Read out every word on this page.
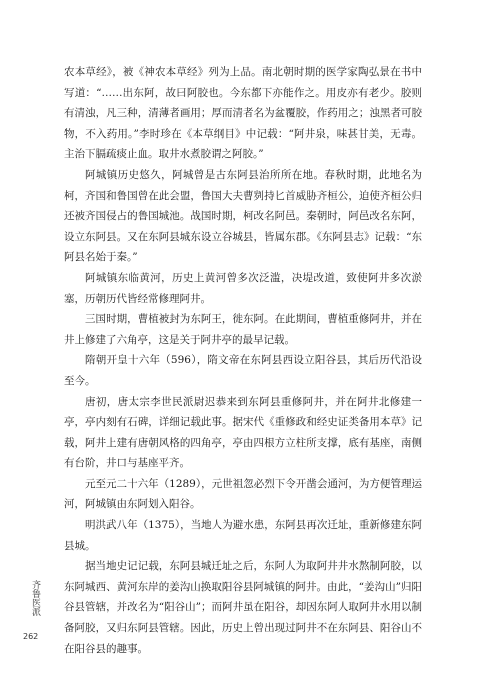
农本草经》，被《神农本草经》列为上品。南北朝时期的医学家陶弘景在书中写道：“……出东阿，故曰阿胶也。今东都下亦能作之。用皮亦有老少。胶则有清浊，凡三种，清薄者画用；厚而清者名为盆覆胶，作药用之；浊黑者可胶物，不入药用。”李时珍在《本草纲目》中记载：“阿井泉，味甚甘美，无毒。主治下膈疏痰止血。取井水煮胶谓之阿胶。”

阿城镇历史悠久，阿城曾是古东阿县治所所在地。春秋时期，此地名为柯，齐国和鲁国曾在此会盟，鲁国大夫曹刿持匕首威胁齐桓公，迫使齐桓公归还被齐国侵占的鲁国城池。战国时期，柯改名阿邑。秦朝时，阿邑改名东阿，设立东阿县。又在东阿县城东设立谷城县，皆属东郡。《东阿县志》记载：“东阿县名始于秦。”

阿城镇东临黄河，历史上黄河曾多次泛滥，决堤改道，致使阿井多次淤塞，历朝历代皆经常修理阿井。

三国时期，曹植被封为东阿王，徙东阿。在此期间，曹植重修阿井，并在井上修建了六角亭，这是关于阿井亭的最早记载。

隋朝开皇十六年（596），隋文帝在东阿县西设立阳谷县，其后历代沿设至今。

唐初，唐太宗李世民派尉迟恭来到东阿县重修阿井，并在阿井北修建一亭，亭内刻有石碑，详细记载此事。据宋代《重修政和经史证类备用本草》记载，阿井上建有唐朝风格的四角亭，亭由四根方立柱所支撑，底有基座，南侧有台阶，井口与基座平齐。

元至元二十六年（1289），元世祖忽必烈下令开凿会通河，为方便管理运河，阿城镇由东阿划入阳谷。

明洪武八年（1375），当地人为避水患，东阿县再次迁址，重新修建东阿县城。

据当地史记记载，东阿县城迁址之后，东阿人为取阿井井水熬制阿胶，以东阿城西、黄河东岸的姜沟山换取阳谷县阿城镇的阿井。由此，“姜沟山”归阳谷县管辖，并改名为“阳谷山”；而阿井虽在阳谷，却因东阿人取阿井水用以制备阿胶，又归东阿县管辖。因此，历史上曾出现过阿井不在东阿县、阳谷山不在阳谷县的趣事。

齐鲁医派
262
